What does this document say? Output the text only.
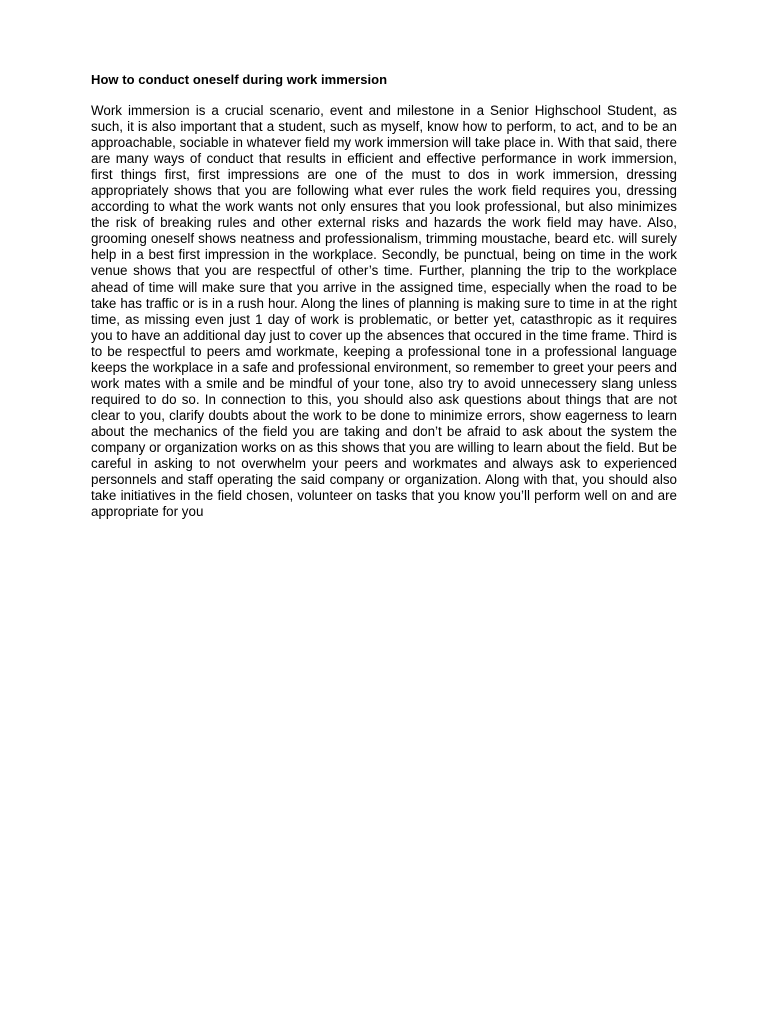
How to conduct oneself during work immersion

Work immersion is a crucial scenario, event and milestone in a Senior Highschool Student, as such, it is also important that a student, such as myself, know how to perform, to act, and to be an approachable, sociable in whatever field my work immersion will take place in. With that said, there are many ways of conduct that results in efficient and effective performance in work immersion, first things first, first impressions are one of the must to dos in work immersion, dressing appropriately shows that you are following what ever rules the work field requires you, dressing according to what the work wants not only ensures that you look professional, but also minimizes the risk of breaking rules and other external risks and hazards the work field may have. Also, grooming oneself shows neatness and professionalism, trimming moustache, beard etc. will surely help in a best first impression in the workplace. Secondly, be punctual, being on time in the work venue shows that you are respectful of other’s time. Further, planning the trip to the workplace ahead of time will make sure that you arrive in the assigned time, especially when the road to be take has traffic or is in a rush hour. Along the lines of planning is making sure to time in at the right time, as missing even just 1 day of work is problematic, or better yet, catasthropic as it requires you to have an additional day just to cover up the absences that occured in the time frame. Third is to be respectful to peers amd workmate, keeping a professional tone in a professional language keeps the workplace in a safe and professional environment, so remember to greet your peers and work mates with a smile and be mindful of your tone, also try to avoid unnecessery slang unless required to do so. In connection to this, you should also ask questions about things that are not clear to you, clarify doubts about the work to be done to minimize errors, show eagerness to learn about the mechanics of the field you are taking and don’t be afraid to ask about the system the company or organization works on as this shows that you are willing to learn about the field. But be careful in asking to not overwhelm your peers and workmates and always ask to experienced personnels and staff operating the said company or organization. Along with that, you should also take initiatives in the field chosen, volunteer on tasks that you know you’ll perform well on and are appropriate for you
